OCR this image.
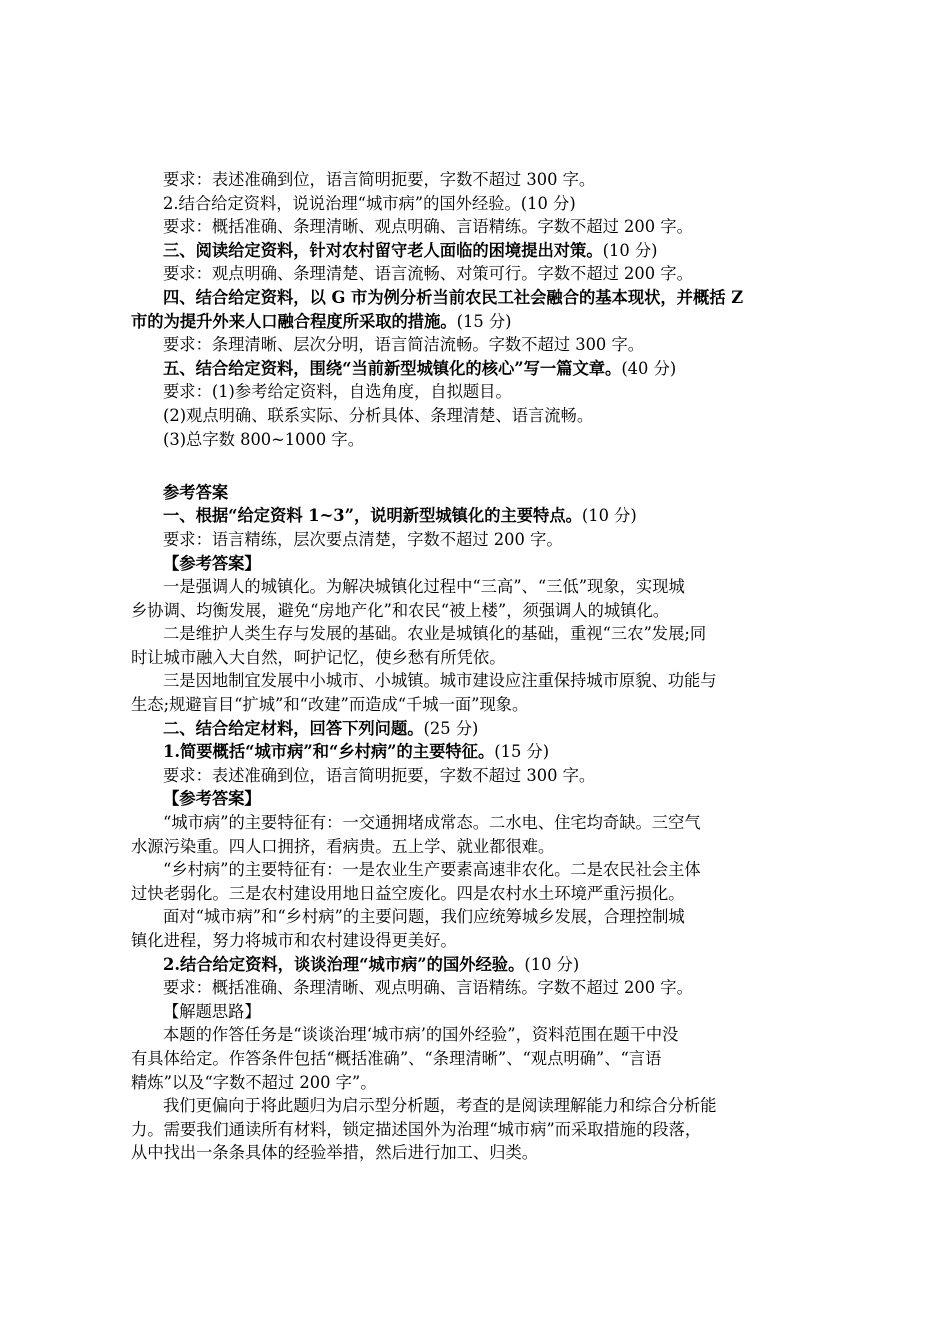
要求：表述准确到位，语言简明扼要，字数不超过 300 字。
2.结合给定资料，说说治理“城市病”的国外经验。(10 分)
要求：概括准确、条理清晰、观点明确、言语精练。字数不超过 200 字。
三、阅读给定资料，针对农村留守老人面临的困境提出对策。(10 分)
要求：观点明确、条理清楚、语言流畅、对策可行。字数不超过 200 字。
四、结合给定资料，以 G 市为例分析当前农民工社会融合的基本现状，并概括 Z
市的为提升外来人口融合程度所采取的措施。(15 分)
要求：条理清晰、层次分明，语言简洁流畅。字数不超过 300 字。
五、结合给定资料，围绕“当前新型城镇化的核心”写一篇文章。(40 分)
要求：(1)参考给定资料，自选角度，自拟题目。
(2)观点明确、联系实际、分析具体、条理清楚、语言流畅。
(3)总字数 800~1000 字。
参考答案
一、根据“给定资料 1~3”，说明新型城镇化的主要特点。(10 分)
要求：语言精练，层次要点清楚，字数不超过 200 字。
【参考答案】
一是强调人的城镇化。为解决城镇化过程中“三高”、“三低”现象，实现城
乡协调、均衡发展，避免“房地产化”和农民“被上楼”，须强调人的城镇化。
二是维护人类生存与发展的基础。农业是城镇化的基础，重视“三农”发展;同
时让城市融入大自然，呵护记忆，使乡愁有所凭依。
三是因地制宜发展中小城市、小城镇。城市建设应注重保持城市原貌、功能与
生态;规避盲目“扩城”和“改建”而造成“千城一面”现象。
二、结合给定材料，回答下列问题。(25 分)
1.简要概括“城市病”和“乡村病”的主要特征。(15 分)
要求：表述准确到位，语言简明扼要，字数不超过 300 字。
【参考答案】
“城市病”的主要特征有：一交通拥堵成常态。二水电、住宅均奇缺。三空气
水源污染重。四人口拥挤，看病贵。五上学、就业都很难。
“乡村病”的主要特征有：一是农业生产要素高速非农化。二是农民社会主体
过快老弱化。三是农村建设用地日益空废化。四是农村水土环境严重污损化。
面对“城市病”和“乡村病”的主要问题，我们应统筹城乡发展，合理控制城
镇化进程，努力将城市和农村建设得更美好。
2.结合给定资料，谈谈治理“城市病”的国外经验。(10 分)
要求：概括准确、条理清晰、观点明确、言语精练。字数不超过 200 字。
【解题思路】
本题的作答任务是“谈谈治理‘城市病’的国外经验”，资料范围在题干中没
有具体给定。作答条件包括“概括准确”、“条理清晰”、“观点明确”、“言语
精炼”以及“字数不超过 200 字”。
我们更偏向于将此题归为启示型分析题，考查的是阅读理解能力和综合分析能
力。需要我们通读所有材料，锁定描述国外为治理“城市病”而采取措施的段落，
从中找出一条条具体的经验举措，然后进行加工、归类。
